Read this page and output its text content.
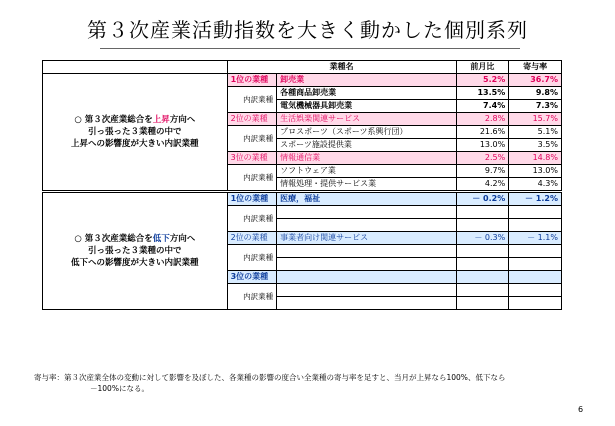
第３次産業活動指数を大きく動かした個別系列
	業種名		前月比	寄与率
○ 第３次産業総合を上昇方向へ
引っ張った３業種の中で
上昇への影響度が大きい内訳業種	1位の業種	卸売業	5.2%	36.7%
	内訳業種	各種商品卸売業	13.5%	9.8%
		電気機械器具卸売業	7.4%	7.3%
	2位の業種	生活娯楽関連サービス	2.8%	15.7%
	内訳業種	プロスポーツ（スポーツ系興行団）	21.6%	5.1%
		スポーツ施設提供業	13.0%	3.5%
	3位の業種	情報通信業	2.5%	14.8%
	内訳業種	ソフトウェア業	9.7%	13.0%
		情報処理・提供サービス業	4.2%	4.3%
○ 第３次産業総合を低下方向へ
引っ張った３業種の中で
低下への影響度が大きい内訳業種	1位の業種	医療，福祉	－ 0.2%	－ 1.2%
	内訳業種			

	2位の業種	事業者向け関連サービス	－ 0.3%	－ 1.1%
	内訳業種			

	3位の業種			
	内訳業種			

寄与率：第３次産業全体の変動に対して影響を及ぼした、各業種の影響の度合い全業種の寄与率を足すと、当月が上昇なら100%、低下なら
－100%になる。
6
